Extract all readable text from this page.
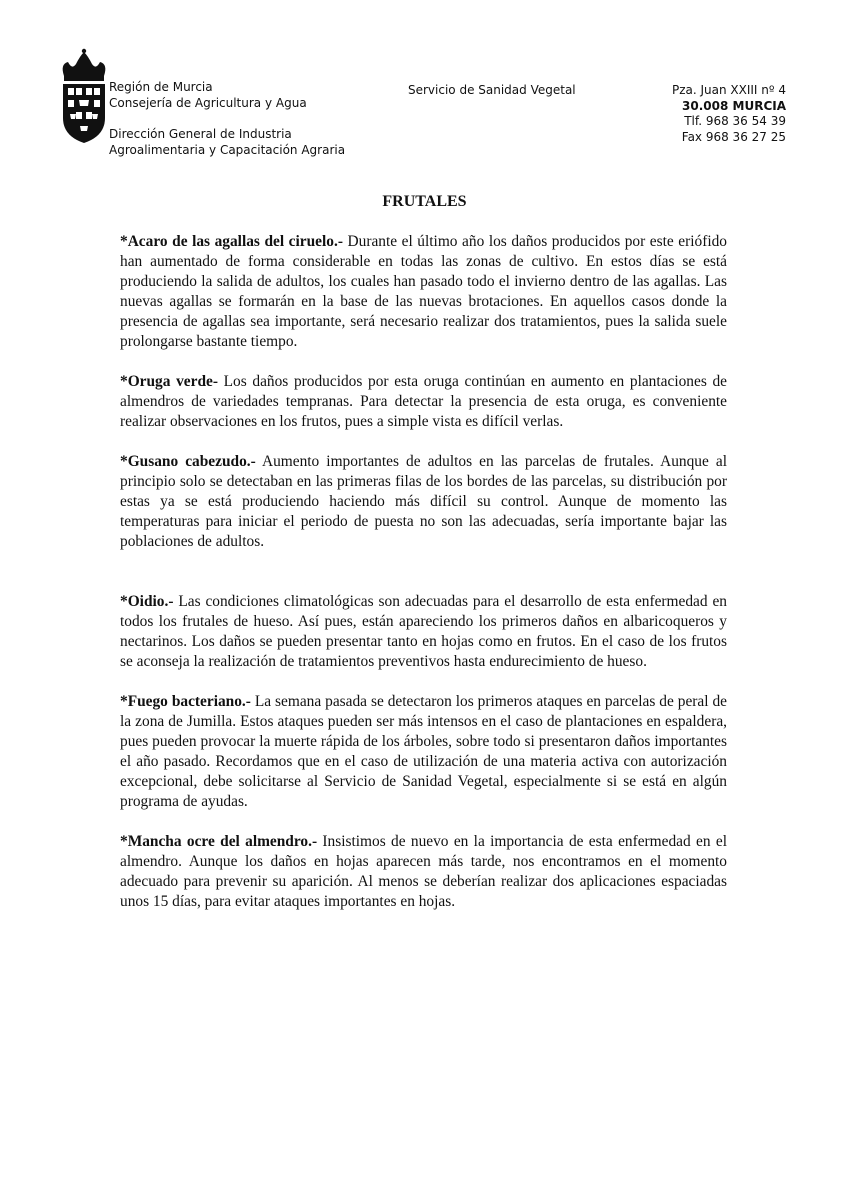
Región de Murcia
Consejería de Agricultura y Agua
Dirección General de Industria
Agroalimentaria y Capacitación Agraria
Servicio de Sanidad Vegetal	Pza. Juan XXIII nº 4
30.008 MURCIA
Tlf. 968 36 54 39
Fax 968 36 27 25
FRUTALES

*Acaro de las agallas del ciruelo.- Durante el último año los daños producidos por este eriófido han aumentado de forma considerable en todas las zonas de cultivo. En estos días se está produciendo la salida de adultos, los cuales han pasado todo el invierno dentro de las agallas. Las nuevas agallas se formarán en la base de las nuevas brotaciones. En aquellos casos donde la presencia de agallas sea importante, será necesario realizar dos tratamientos, pues la salida suele prolongarse bastante tiempo.

*Oruga verde- Los daños producidos por esta oruga continúan en aumento en plantaciones de almendros de variedades tempranas. Para detectar la presencia de esta oruga, es conveniente realizar observaciones en los frutos, pues a simple vista es difícil verlas.

*Gusano cabezudo.- Aumento importantes de adultos en las parcelas de frutales. Aunque al principio solo se detectaban en las primeras filas de los bordes de las parcelas, su distribución por estas ya se está produciendo haciendo más difícil su control. Aunque de momento las temperaturas para iniciar el periodo de puesta no son las adecuadas, sería importante bajar las poblaciones de adultos.

*Oidio.- Las condiciones climatológicas son adecuadas para el desarrollo de esta enfermedad en todos los frutales de hueso. Así pues, están apareciendo los primeros daños en albaricoqueros y nectarinos. Los daños se pueden presentar tanto en hojas como en frutos. En el caso de los frutos se aconseja la realización de tratamientos preventivos hasta endurecimiento de hueso.

*Fuego bacteriano.- La semana pasada se detectaron los primeros ataques en parcelas de peral de la zona de Jumilla. Estos ataques pueden ser más intensos en el caso de plantaciones en espaldera, pues pueden provocar la muerte rápida de los árboles, sobre todo si presentaron daños importantes el año pasado. Recordamos que en el caso de utilización de una materia activa con autorización excepcional, debe solicitarse al Servicio de Sanidad Vegetal, especialmente si se está en algún programa de ayudas.

*Mancha ocre del almendro.- Insistimos de nuevo en la importancia de esta enfermedad en el almendro. Aunque los daños en hojas aparecen más tarde, nos encontramos en el momento adecuado para prevenir su aparición. Al menos se deberían realizar dos aplicaciones espaciadas unos 15 días, para evitar ataques importantes en hojas.
